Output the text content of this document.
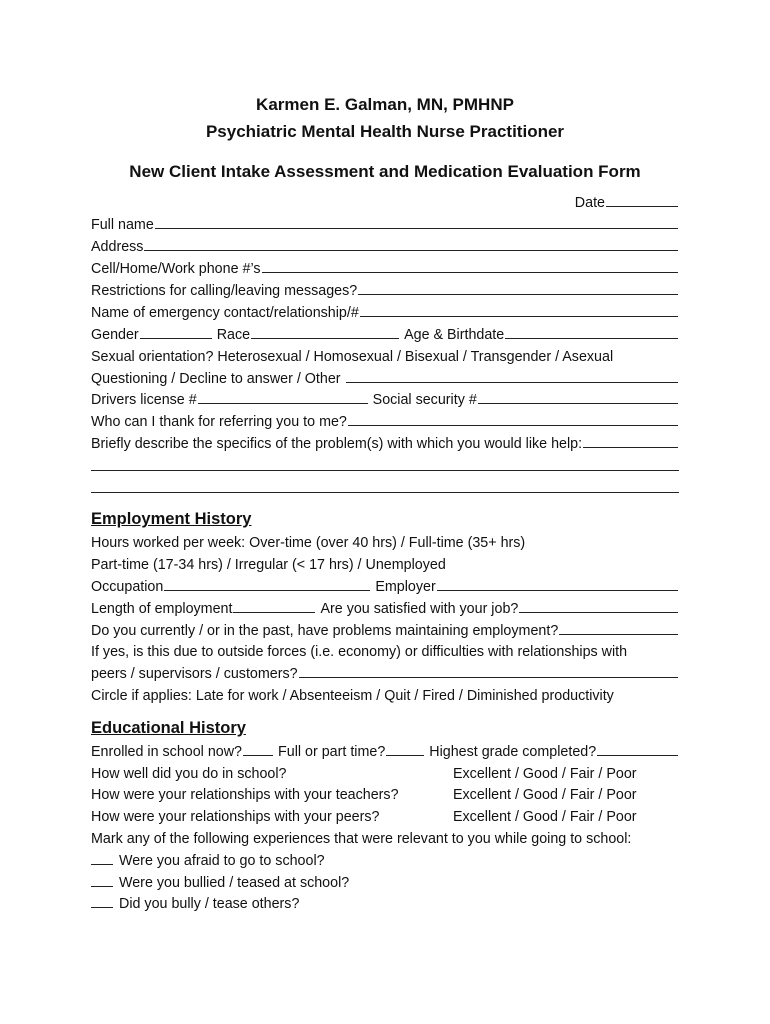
Karmen E. Galman, MN, PMHNP
Psychiatric Mental Health Nurse Practitioner
New Client Intake Assessment and Medication Evaluation Form
Date
Full name
Address
Cell/Home/Work phone #’s
Restrictions for calling/leaving messages?
Name of emergency contact/relationship/#
Gender	Race	Age & Birthdate
Sexual orientation? Heterosexual / Homosexual / Bisexual / Transgender / Asexual
Questioning / Decline to answer / Other
Drivers license #	Social security #
Who can I thank for referring you to me?
Briefly describe the specifics of the problem(s) with which you would like help:
Employment History
Hours worked per week: Over-time (over 40 hrs) / Full-time (35+ hrs)
Part-time (17-34 hrs) / Irregular (< 17 hrs) / Unemployed
Occupation	Employer
Length of employment	Are you satisfied with your job?
Do you currently / or in the past, have problems maintaining employment?
If yes, is this due to outside forces (i.e. economy) or difficulties with relationships with
peers / supervisors / customers?
Circle if applies: Late for work / Absenteeism / Quit / Fired / Diminished productivity
Educational History
Enrolled in school now?	Full or part time?	Highest grade completed?
How well did you do in school?	Excellent / Good / Fair / Poor
How were your relationships with your teachers?	Excellent / Good / Fair / Poor
How were your relationships with your peers?	Excellent / Good / Fair / Poor
Mark any of the following experiences that were relevant to you while going to school:
Were you afraid to go to school?
Were you bullied / teased at school?
Did you bully / tease others?
